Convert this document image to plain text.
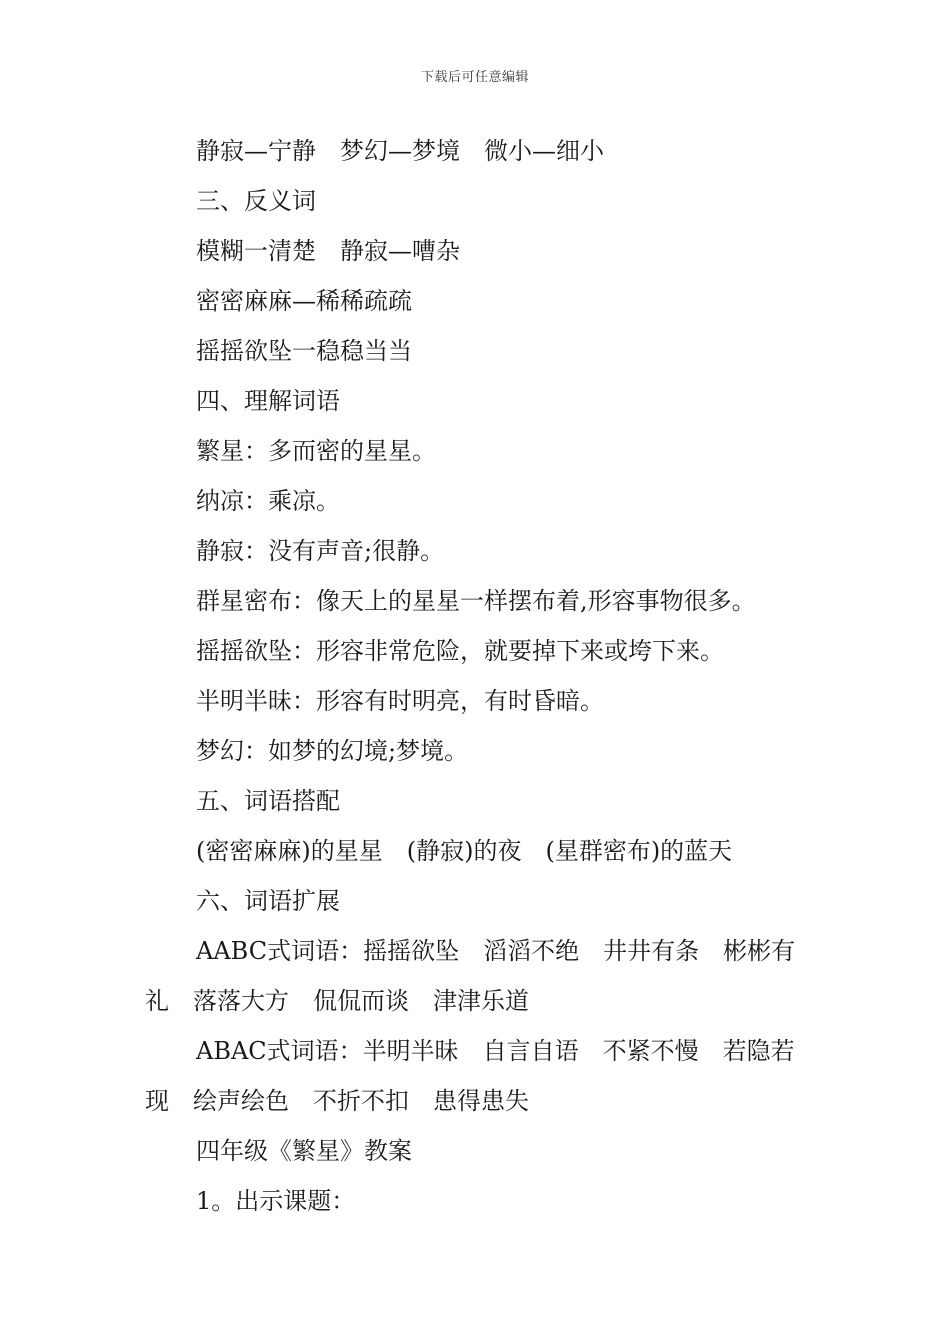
下载后可任意编辑

静寂—宁静　梦幻—梦境　微小—细小

三、反义词

模糊一清楚　静寂—嘈杂

密密麻麻—稀稀疏疏

摇摇欲坠一稳稳当当

四、理解词语

繁星：多而密的星星。

纳凉：乘凉。

静寂：没有声音;很静。

群星密布：像天上的星星一样摆布着,形容事物很多。

摇摇欲坠：形容非常危险，就要掉下来或垮下来。

半明半昧：形容有时明亮，有时昏暗。

梦幻：如梦的幻境;梦境。

五、词语搭配

(密密麻麻)的星星　(静寂)的夜　(星群密布)的蓝天

六、词语扩展

AABC式词语：摇摇欲坠　滔滔不绝　井井有条　彬彬有礼　落落大方　侃侃而谈　津津乐道

ABAC式词语：半明半昧　自言自语　不紧不慢　若隐若现　绘声绘色　不折不扣　患得患失

四年级《繁星》教案

1。出示课题：
